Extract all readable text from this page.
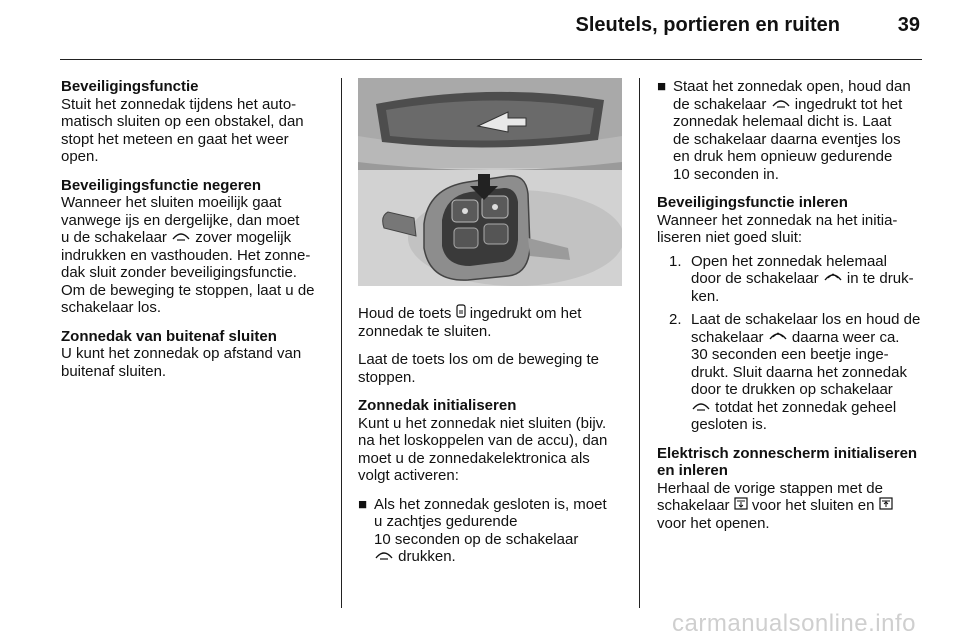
Sleutels, portieren en ruiten	39
Beveiligingsfunctie

Stuit het zonnedak tijdens het auto-
matisch sluiten op een obstakel, dan
stopt het meteen en gaat het weer
open.

Beveiligingsfunctie negeren

Wanneer het sluiten moeilijk gaat
vanwege ijs en dergelijke, dan moet
u de schakelaar  zover mogelijk
indrukken en vasthouden. Het zonne-
dak sluit zonder beveiligingsfunctie.
Om de beweging te stoppen, laat u de
schakelaar los.

Zonnedak van buitenaf sluiten

U kunt het zonnedak op afstand van
buitenaf sluiten.

Houd de toets  ingedrukt om het
zonnedak te sluiten.

Laat de toets los om de beweging te
stoppen.

Zonnedak initialiseren

Kunt u het zonnedak niet sluiten (bijv.
na het loskoppelen van de accu), dan
moet u de zonnedakelektronica als
volgt activeren:

■ Als het zonnedak gesloten is, moet
u zachtjes gedurende
10 seconden op de schakelaar
drukken.
■ Staat het zonnedak open, houd dan
de schakelaar  ingedrukt tot het
zonnedak helemaal dicht is. Laat
de schakelaar daarna eventjes los
en druk hem opnieuw gedurende
10 seconden in.
Beveiligingsfunctie inleren

Wanneer het zonnedak na het initia-
liseren niet goed sluit:

1. Open het zonnedak helemaal
door de schakelaar  in te druk-
ken.
2. Laat de schakelaar los en houd de
schakelaar  daarna weer ca.
30 seconden een beetje inge-
drukt. Sluit daarna het zonnedak
door te drukken op schakelaar
totdat het zonnedak geheel
gesloten is.
Elektrisch zonnescherm initialiseren
en inleren

Herhaal de vorige stappen met de
schakelaar  voor het sluiten en
voor het openen.

carmanualsonline.info
